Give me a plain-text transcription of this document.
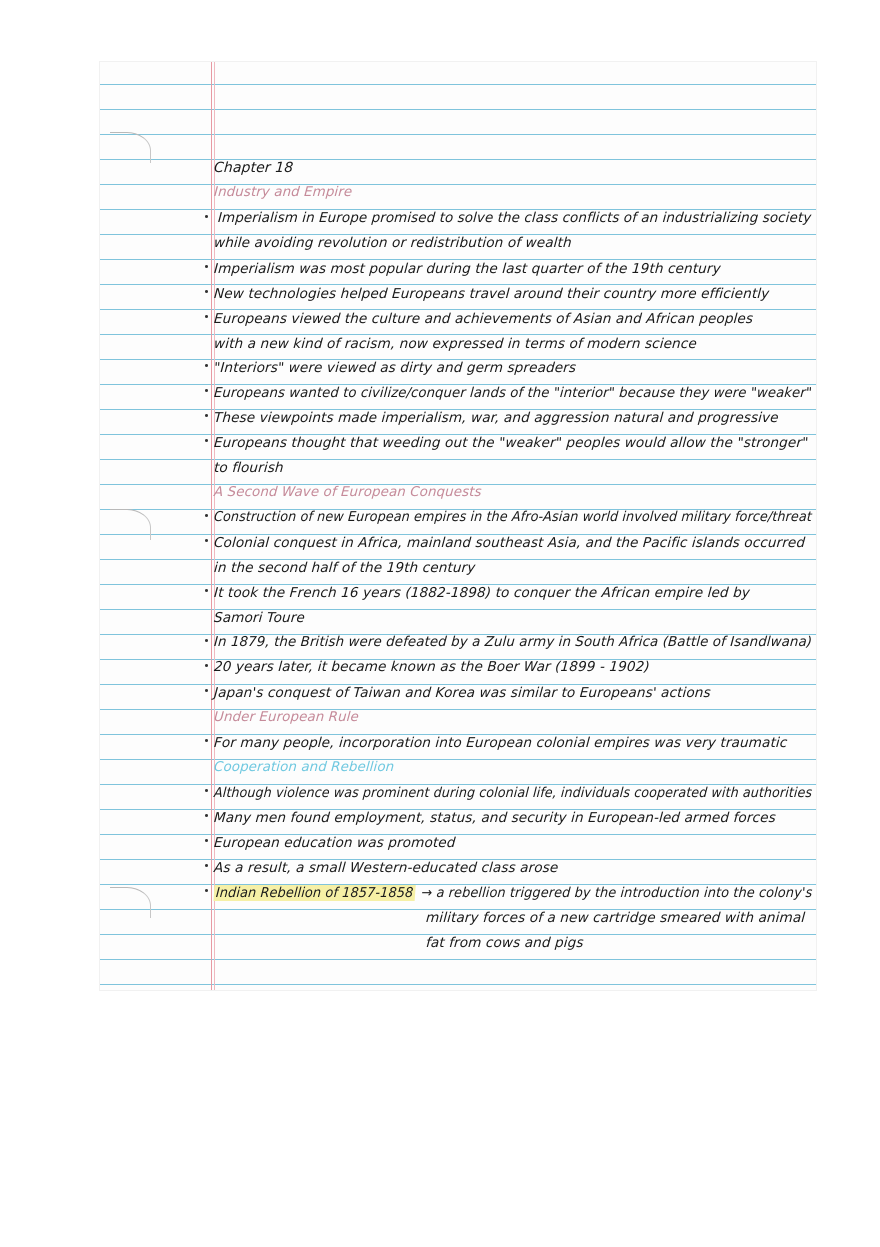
Chapter 18
Industry and Empire
Imperialism in Europe promised to solve the class conflicts of an industrializing society
while avoiding revolution or redistribution of wealth
Imperialism was most popular during the last quarter of the 19th century
New technologies helped Europeans travel around their country more efficiently
Europeans viewed the culture and achievements of Asian and African peoples
with a new kind of racism, now expressed in terms of modern science
"Interiors" were viewed as dirty and germ spreaders
Europeans wanted to civilize/conquer lands of the "interior" because they were "weaker"
These viewpoints made imperialism, war, and aggression natural and progressive
Europeans thought that weeding out the "weaker" peoples would allow the "stronger"
to flourish
A Second Wave of European Conquests
Construction of new European empires in the Afro-Asian world involved military force/threat
Colonial conquest in Africa, mainland southeast Asia, and the Pacific islands occurred
in the second half of the 19th century
It took the French 16 years (1882-1898) to conquer the African empire led by
Samori Toure
In 1879, the British were defeated by a Zulu army in South Africa (Battle of Isandlwana)
20 years later, it became known as the Boer War (1899 - 1902)
Japan's conquest of Taiwan and Korea was similar to Europeans' actions
Under European Rule
For many people, incorporation into European colonial empires was very traumatic
Cooperation and Rebellion
Although violence was prominent during colonial life, individuals cooperated with authorities
Many men found employment, status, and security in European-led armed forces
European education was promoted
As a result, a small Western-educated class arose
Indian Rebellion of 1857-1858 → a rebellion triggered by the introduction into the colony's
military forces of a new cartridge smeared with animal
fat from cows and pigs
